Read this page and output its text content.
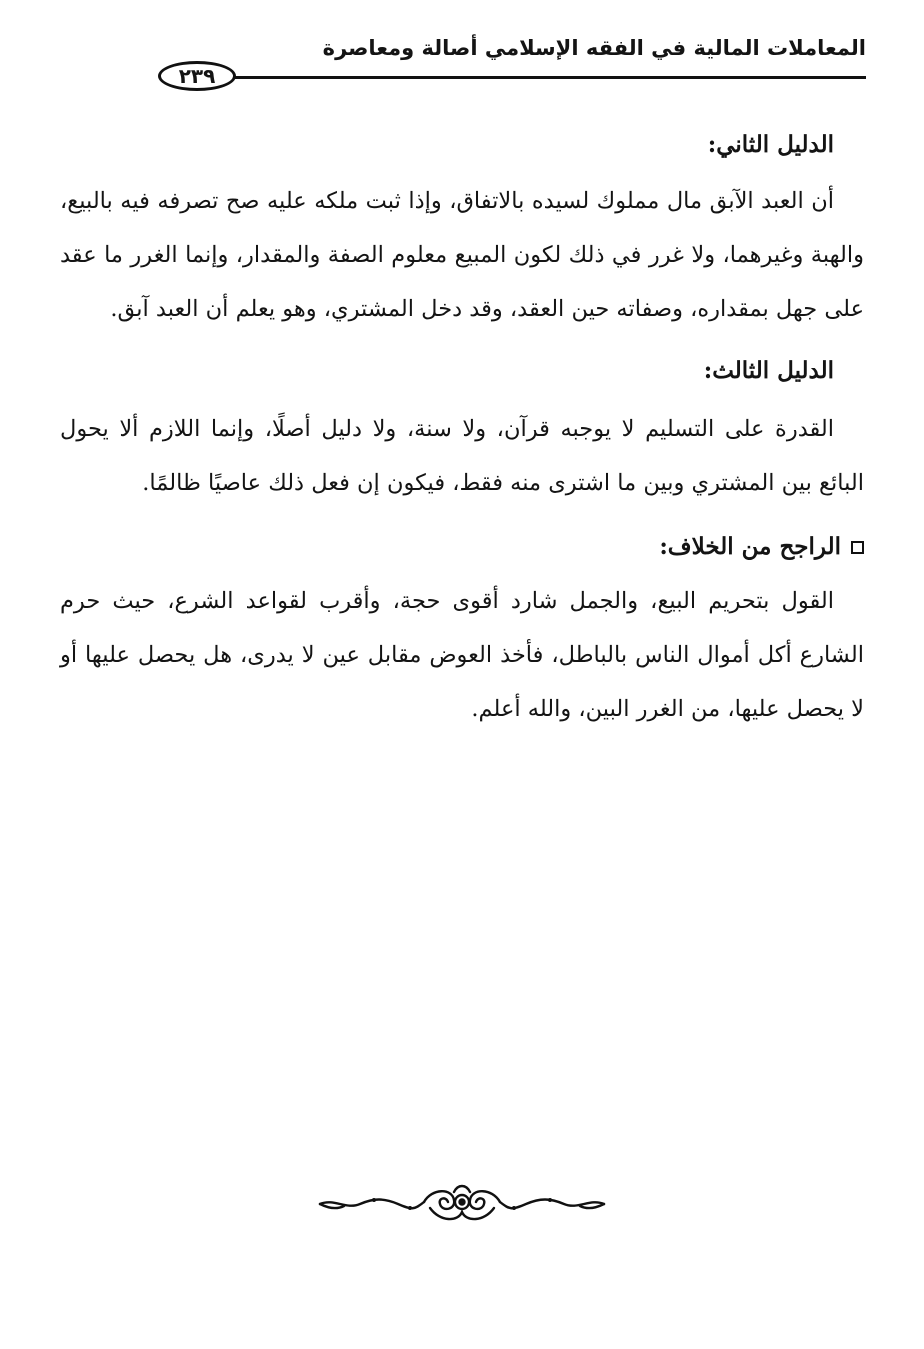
المعاملات المالية في الفقه الإسلامي أصالة ومعاصرة
٢٣٩
الدليل الثاني:

أن العبد الآبق مال مملوك لسيده بالاتفاق، وإذا ثبت ملكه عليه صح تصرفه فيه بالبيع، والهبة وغيرهما، ولا غرر في ذلك لكون المبيع معلوم الصفة والمقدار، وإنما الغرر ما عقد على جهل بمقداره، وصفاته حين العقد، وقد دخل المشتري، وهو يعلم أن العبد آبق.

الدليل الثالث:

القدرة على التسليم لا يوجبه قرآن، ولا سنة، ولا دليل أصلًا، وإنما اللازم ألا يحول البائع بين المشتري وبين ما اشترى منه فقط، فيكون إن فعل ذلك عاصيًا ظالمًا.

الراجح من الخلاف:

القول بتحريم البيع، والجمل شارد أقوى حجة، وأقرب لقواعد الشرع، حيث حرم الشارع أكل أموال الناس بالباطل، فأخذ العوض مقابل عين لا يدرى، هل يحصل عليها أو لا يحصل عليها، من الغرر البين، والله أعلم.
